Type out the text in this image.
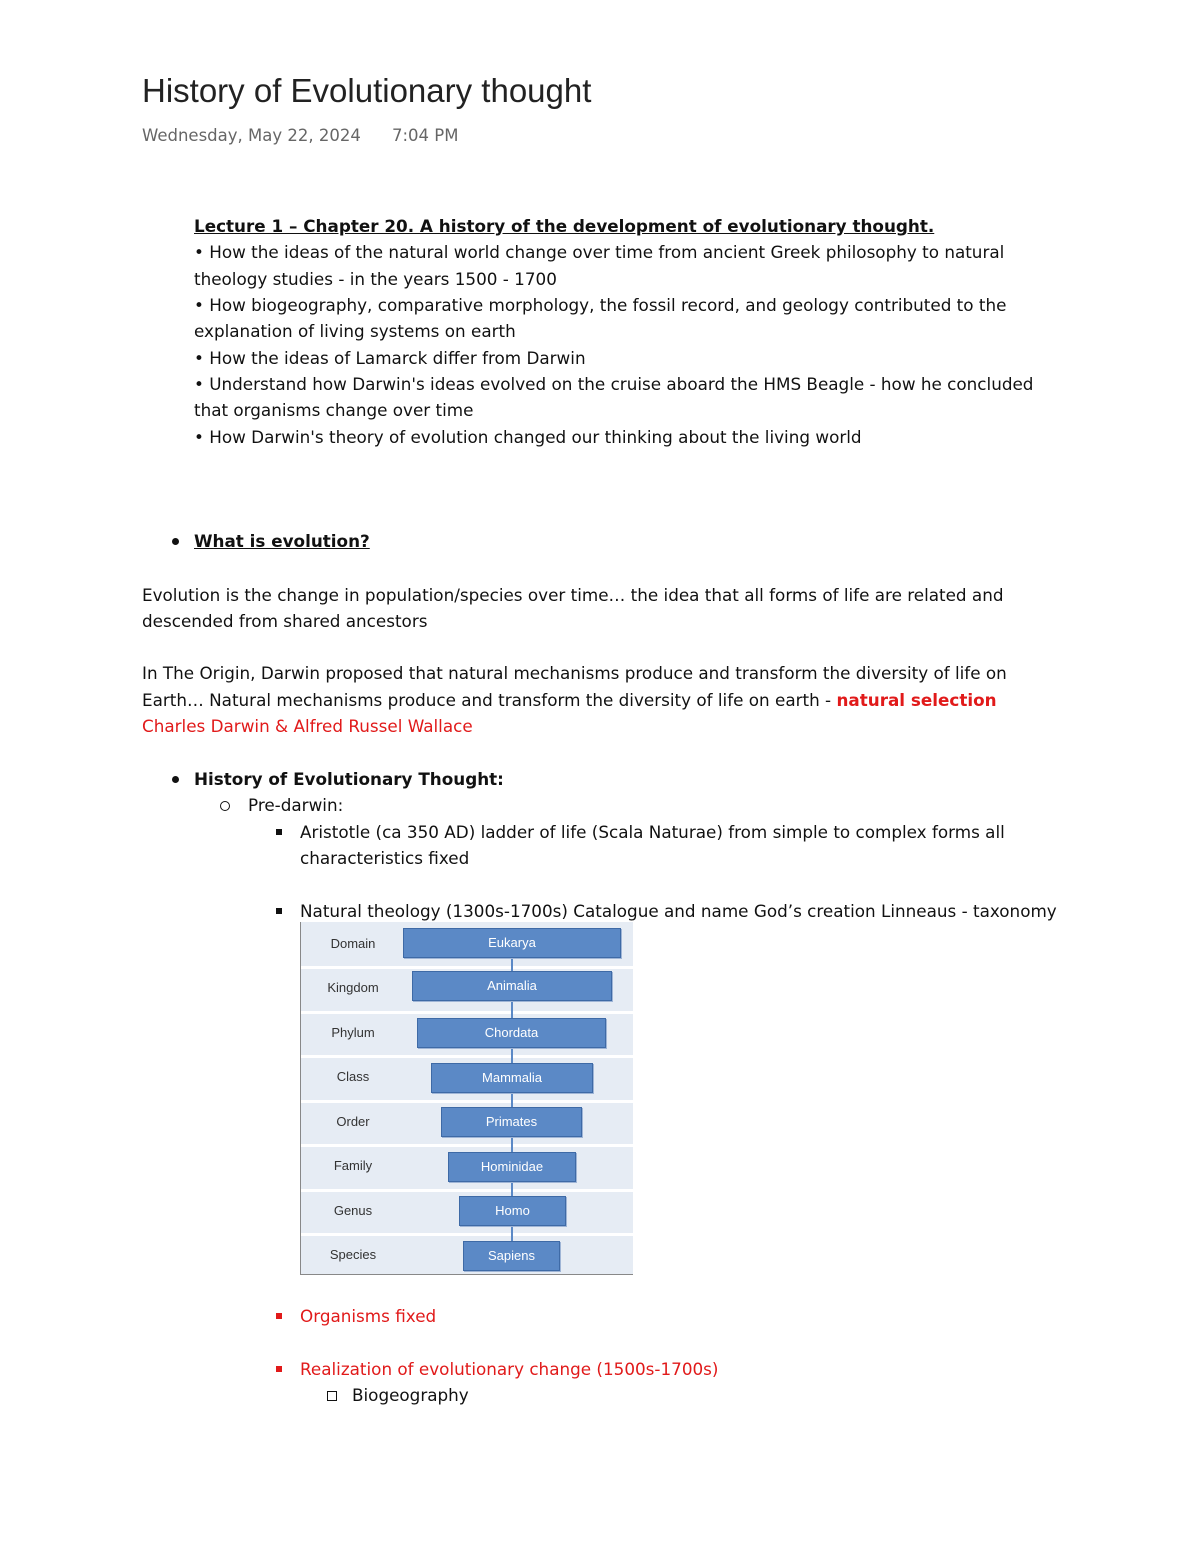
History of Evolutionary thought
Wednesday, May 22, 2024 7:04 PM
Lecture 1 – Chapter 20. A history of the development of evolutionary thought.
• How the ideas of the natural world change over time from ancient Greek philosophy to natural
theology studies - in the years 1500 - 1700
• How biogeography, comparative morphology, the fossil record, and geology contributed to the
explanation of living systems on earth
• How the ideas of Lamarck differ from Darwin
• Understand how Darwin's ideas evolved on the cruise aboard the HMS Beagle - how he concluded
that organisms change over time
• How Darwin's theory of evolution changed our thinking about the living world
What is evolution?
Evolution is the change in population/species over time… the idea that all forms of life are related and
descended from shared ancestors
In The Origin, Darwin proposed that natural mechanisms produce and transform the diversity of life on
Earth… Natural mechanisms produce and transform the diversity of life on earth - natural selection
Charles Darwin & Alfred Russel Wallace
History of Evolutionary Thought:
Pre-darwin:
Aristotle (ca 350 AD) ladder of life (Scala Naturae) from simple to complex forms all
characteristics fixed
Natural theology (1300s-1700s) Catalogue and name God’s creation Linneaus - taxonomy
Domain
Kingdom
Phylum
Class
Order
Family
Genus
Species
Eukarya
Animalia
Chordata
Mammalia
Primates
Hominidae
Homo
Sapiens
Organisms fixed
Realization of evolutionary change (1500s-1700s)
Biogeography
